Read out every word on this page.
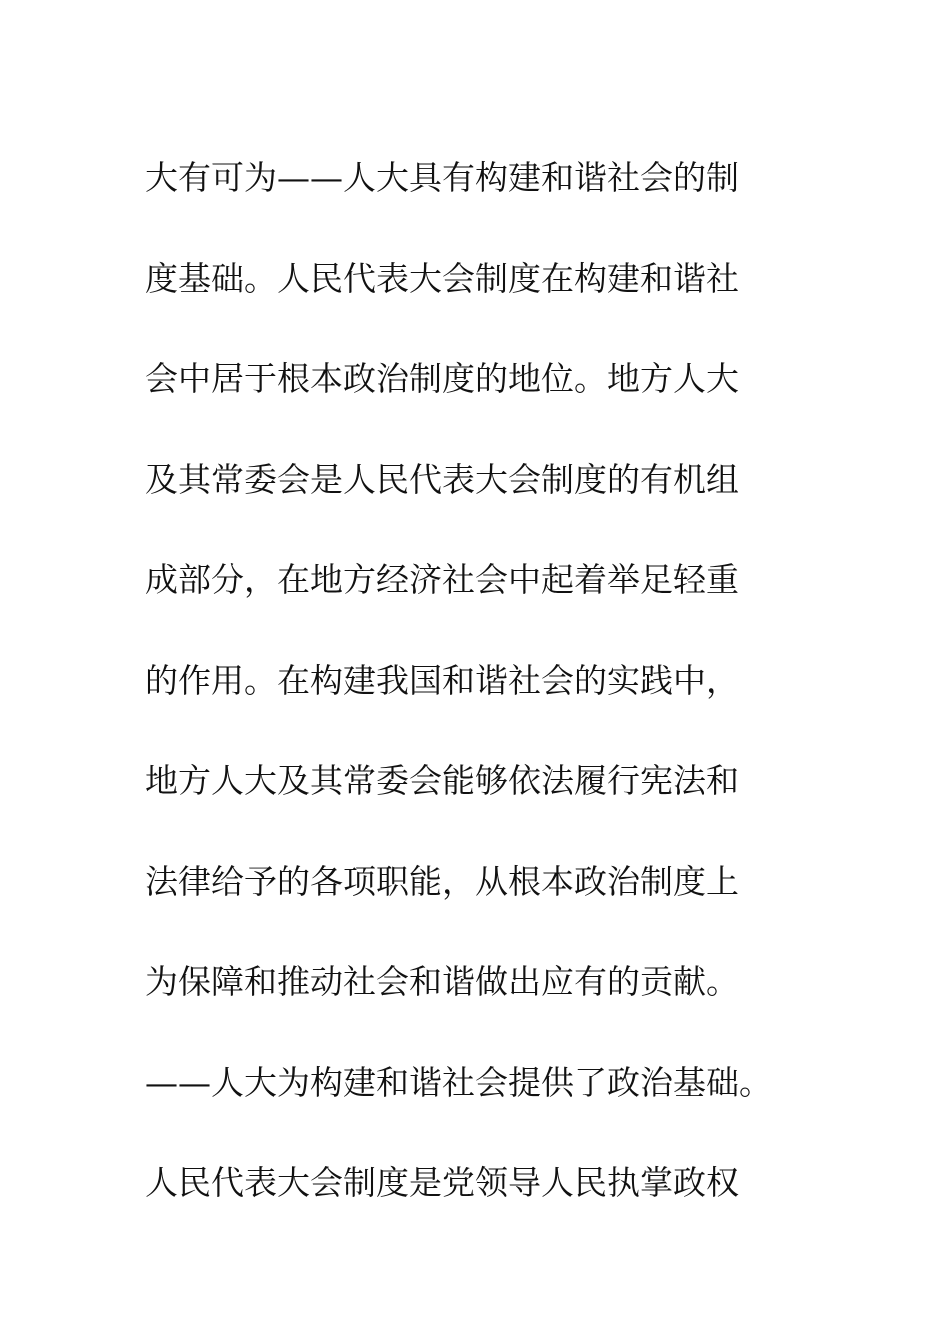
大有可为——人大具有构建和谐社会的制
度基础。人民代表大会制度在构建和谐社
会中居于根本政治制度的地位。地方人大
及其常委会是人民代表大会制度的有机组
成部分，在地方经济社会中起着举足轻重
的作用。在构建我国和谐社会的实践中，
地方人大及其常委会能够依法履行宪法和
法律给予的各项职能，从根本政治制度上
为保障和推动社会和谐做出应有的贡献。
——人大为构建和谐社会提供了政治基础。
人民代表大会制度是党领导人民执掌政权
